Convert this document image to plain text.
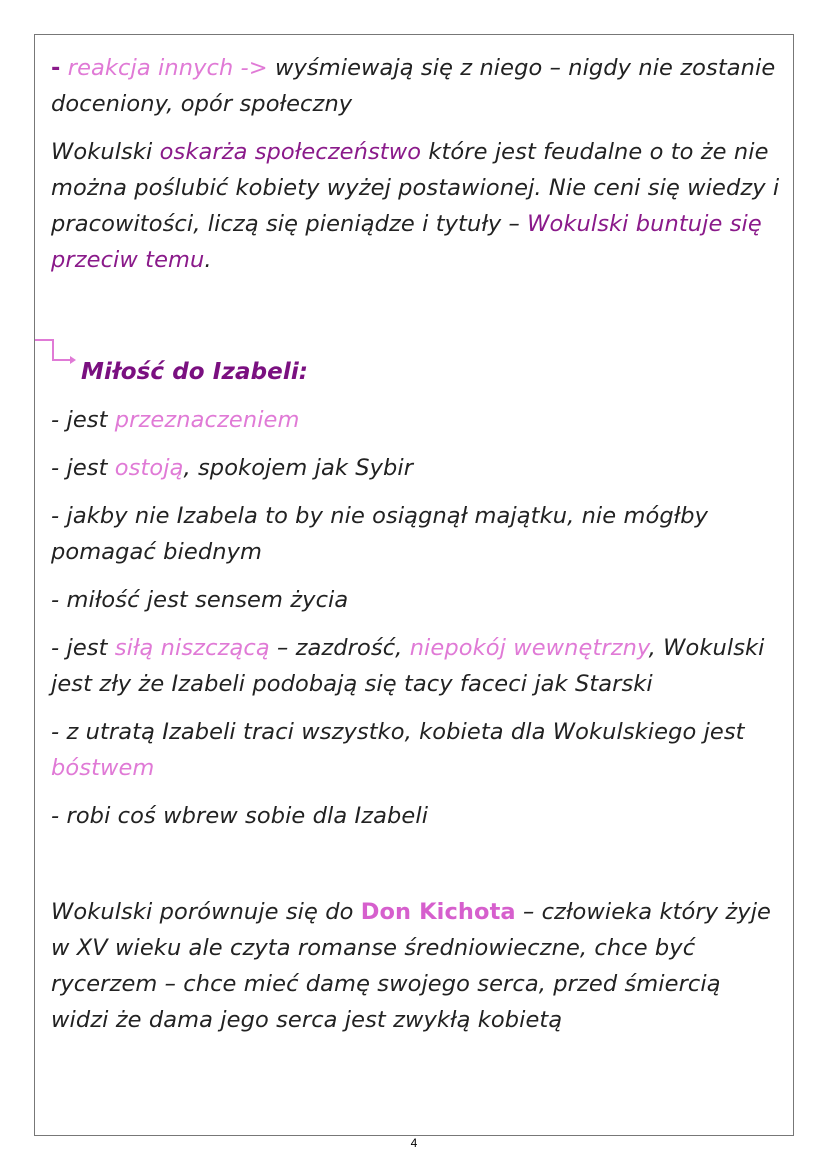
- reakcja innych -> wyśmiewają się z niego – nigdy nie zostanie doceniony, opór społeczny

Wokulski oskarża społeczeństwo które jest feudalne o to że nie można poślubić kobiety wyżej postawionej. Nie ceni się wiedzy i pracowitości, liczą się pieniądze i tytuły – Wokulski buntuje się przeciw temu.

Miłość do Izabeli:

- jest przeznaczeniem

- jest ostoją, spokojem jak Sybir

- jakby nie Izabela to by nie osiągnął majątku, nie mógłby pomagać biednym

- miłość jest sensem życia

- jest siłą niszczącą – zazdrość, niepokój wewnętrzny, Wokulski jest zły że Izabeli podobają się tacy faceci jak Starski

- z utratą Izabeli traci wszystko, kobieta dla Wokulskiego jest bóstwem

- robi coś wbrew sobie dla Izabeli

Wokulski porównuje się do Don Kichota – człowieka który żyje w XV wieku ale czyta romanse średniowieczne, chce być rycerzem – chce mieć damę swojego serca, przed śmiercią widzi że dama jego serca jest zwykłą kobietą

4
